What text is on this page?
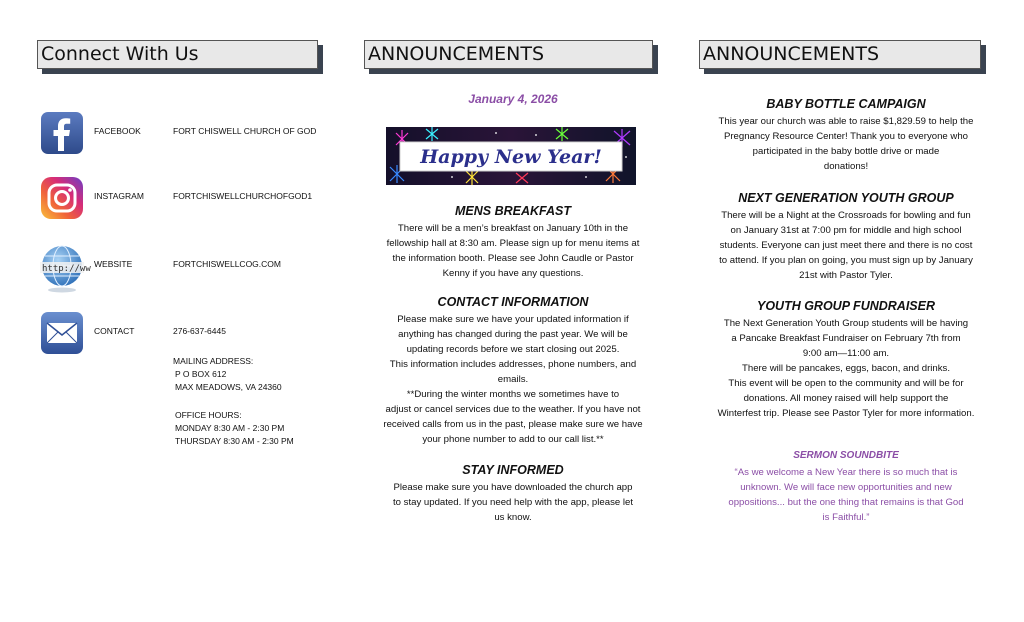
Connect With Us	ANNOUNCEMENTS	ANNOUNCEMENTS
FACEBOOK	FORT CHISWELL CHURCH OF GOD
INSTAGRAM	FORTCHISWELLCHURCHOFGOD1
http://ww WEBSITE	FORTCHISWELLCOG.COM
CONTACT	276-637-6445
MAILING ADDRESS:
P O BOX 612
MAX MEADOWS, VA 24360
OFFICE HOURS:
MONDAY 8:30 AM - 2:30 PM
THURSDAY 8:30 AM - 2:30 PM
January 4, 2026
Happy New Year!
MENS BREAKFAST
There will be a men’s breakfast on January 10th in the
fellowship hall at 8:30 am. Please sign up for menu items at
the information booth. Please see John Caudle or Pastor
Kenny if you have any questions.
CONTACT INFORMATION
Please make sure we have your updated information if
anything has changed during the past year. We will be
updating records before we start closing out 2025.
This information includes addresses, phone numbers, and
emails.
**During the winter months we sometimes have to
adjust or cancel services due to the weather. If you have not
received calls from us in the past, please make sure we have
your phone number to add to our call list.**
STAY INFORMED
Please make sure you have downloaded the church app
to stay updated. If you need help with the app, please let
us know.
BABY BOTTLE CAMPAIGN
This year our church was able to raise $1,829.59 to help the
Pregnancy Resource Center! Thank you to everyone who
participated in the baby bottle drive or made
donations!
NEXT GENERATION YOUTH GROUP
There will be a Night at the Crossroads for bowling and fun
on January 31st at 7:00 pm for middle and high school
students. Everyone can just meet there and there is no cost
to attend. If you plan on going, you must sign up by January
21st with Pastor Tyler.
YOUTH GROUP FUNDRAISER
The Next Generation Youth Group students will be having
a Pancake Breakfast Fundraiser on February 7th from
9:00 am—11:00 am.
There will be pancakes, eggs, bacon, and drinks.
This event will be open to the community and will be for
donations. All money raised will help support the
Winterfest trip. Please see Pastor Tyler for more information.
SERMON SOUNDBITE
“As we welcome a New Year there is so much that is
unknown. We will face new opportunities and new
oppositions... but the one thing that remains is that God
is Faithful.”
